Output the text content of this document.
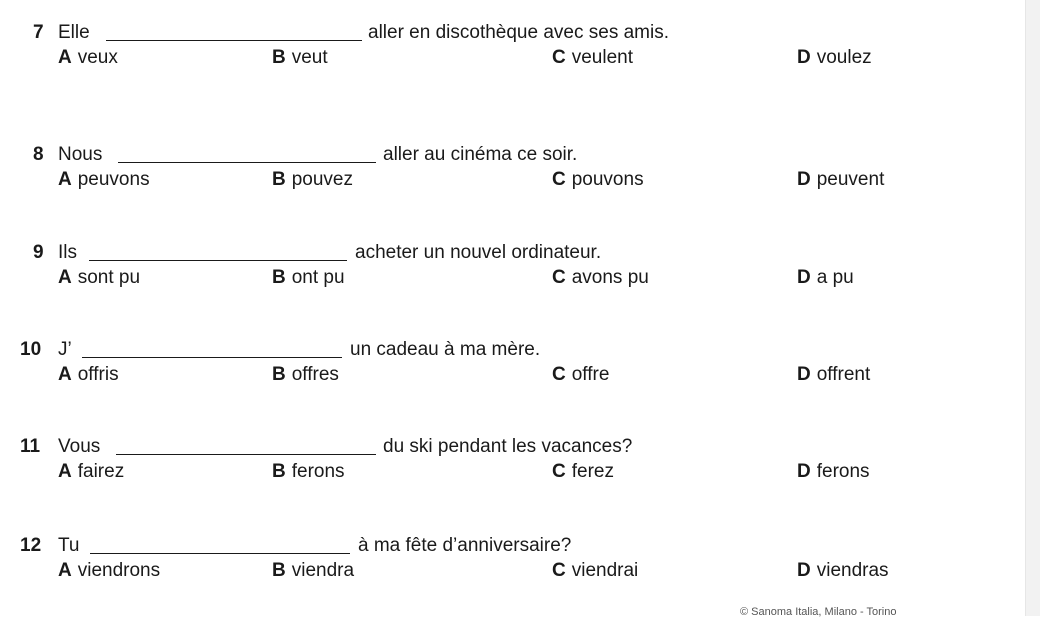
7 Elle	aller en discothèque avec ses amis.
A veux	B veut	C veulent	D voulez
8 Nous	aller au cinéma ce soir.
A peuvons	B pouvez	C pouvons	D peuvent
9 Ils	acheter un nouvel ordinateur.
A sont pu	B ont pu	C avons pu	D a pu
10 J’	un cadeau à ma mère.
A offris	B offres	C offre	D offrent
11 Vous	du ski pendant les vacances?
A fairez	B ferons	C ferez	D ferons
12 Tu	à ma fête d’anniversaire?
A viendrons	B viendra	C viendrai	D viendras
© Sanoma Italia, Milano - Torino
